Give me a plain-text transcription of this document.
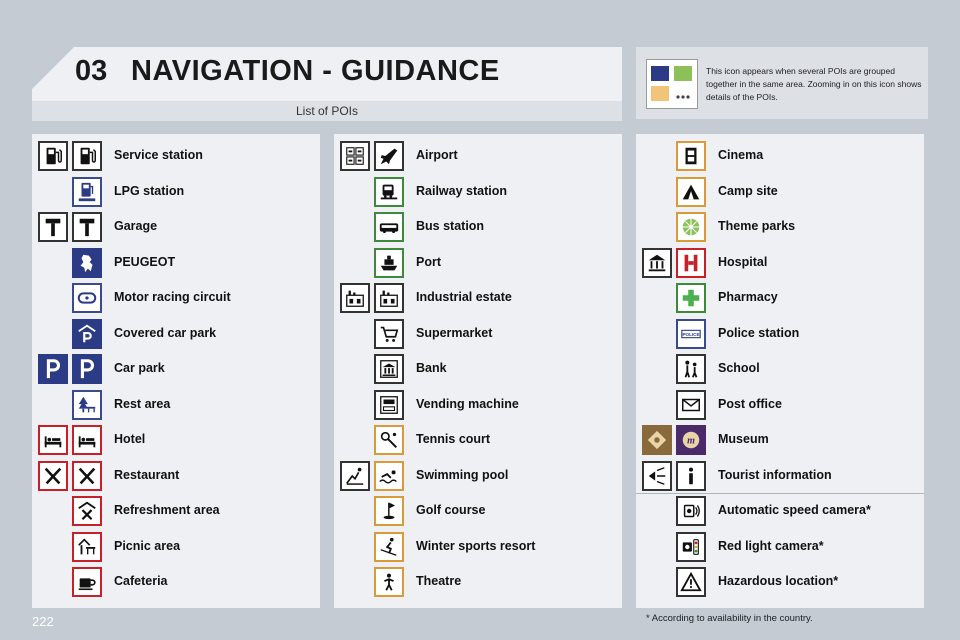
03 NAVIGATION - GUIDANCE
List of POIs
This icon appears when several POIs are grouped together in the same area. Zooming in on this icon shows details of the POIs.
Service station
LPG station
Garage
PEUGEOT
Motor racing circuit
Covered car park
Car park
Rest area
Hotel
Restaurant
Refreshment area
Picnic area
Cafeteria
Airport
Railway station
Bus station
Port
Industrial estate
Supermarket
Bank
Vending machine
Tennis court
Swimming pool
Golf course
Winter sports resort
Theatre
Cinema
Camp site
Theme parks
Hospital
Pharmacy
POLICE Police station
School
Post office
m Museum
Tourist information
Automatic speed camera*
Red light camera*
Hazardous location*
222	* According to availability in the country.
